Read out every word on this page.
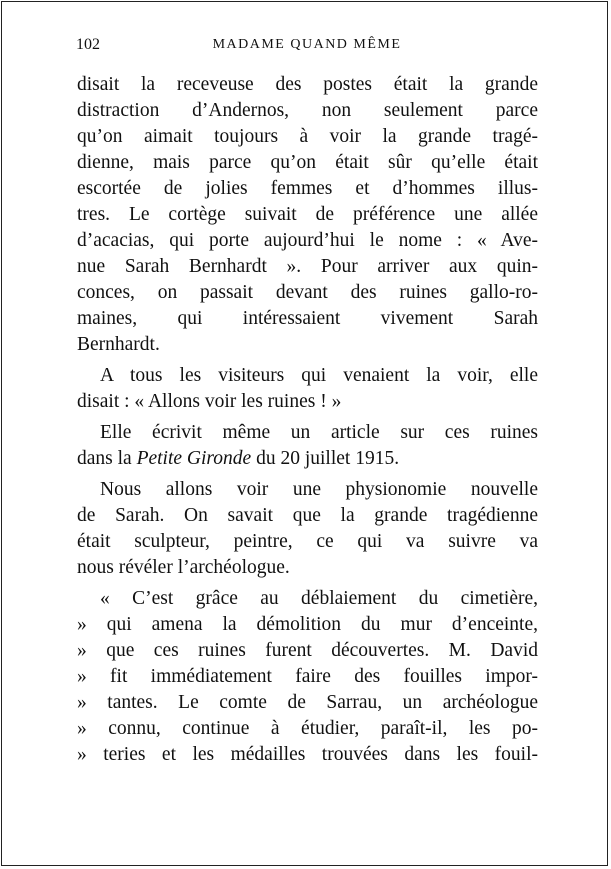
102	MADAME QUAND MÊME
disait la receveuse des postes était la grande
distraction d’Andernos, non seulement parce
qu’on aimait toujours à voir la grande tragé-
dienne, mais parce qu’on était sûr qu’elle était
escortée de jolies femmes et d’hommes illus-
tres. Le cortège suivait de préférence une allée
d’acacias, qui porte aujourd’hui le nome : « Ave-
nue Sarah Bernhardt ». Pour arriver aux quin-
conces, on passait devant des ruines gallo-ro-
maines, qui intéressaient vivement Sarah
Bernhardt.
A tous les visiteurs qui venaient la voir, elle
disait : « Allons voir les ruines ! »
Elle écrivit même un article sur ces ruines
dans la Petite Gironde du 20 juillet 1915.
Nous allons voir une physionomie nouvelle
de Sarah. On savait que la grande tragédienne
était sculpteur, peintre, ce qui va suivre va
nous révéler l’archéologue.
« C’est grâce au déblaiement du cimetière,
» qui amena la démolition du mur d’enceinte,
» que ces ruines furent découvertes. M. David
» fit immédiatement faire des fouilles impor-
» tantes. Le comte de Sarrau, un archéologue
» connu, continue à étudier, paraît-il, les po-
» teries et les médailles trouvées dans les fouil-
